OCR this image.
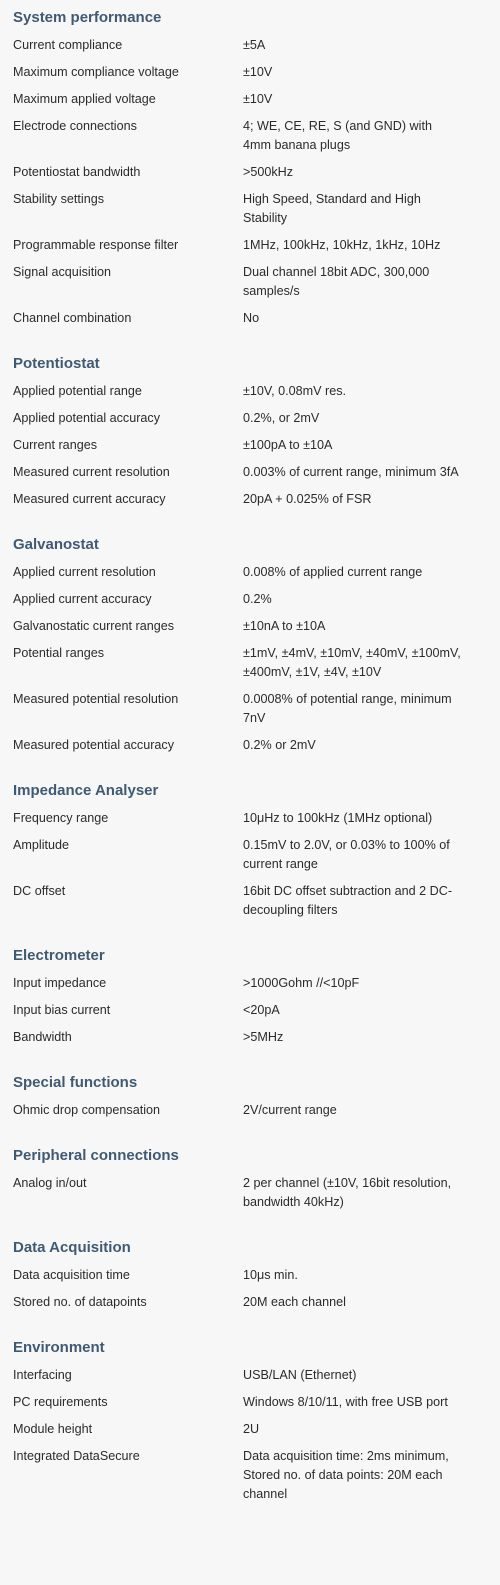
System performance
Current compliance	±5A
Maximum compliance voltage	±10V
Maximum applied voltage	±10V
Electrode connections	4; WE, CE, RE, S (and GND) with 4mm banana plugs
Potentiostat bandwidth	>500kHz
Stability settings	High Speed, Standard and High Stability
Programmable response filter	1MHz, 100kHz, 10kHz, 1kHz, 10Hz
Signal acquisition	Dual channel 18bit ADC, 300,000 samples/s
Channel combination	No
Potentiostat
Applied potential range	±10V, 0.08mV res.
Applied potential accuracy	0.2%, or 2mV
Current ranges	±100pA to ±10A
Measured current resolution	0.003% of current range, minimum 3fA
Measured current accuracy	20pA + 0.025% of FSR
Galvanostat
Applied current resolution	0.008% of applied current range
Applied current accuracy	0.2%
Galvanostatic current ranges	±10nA to ±10A
Potential ranges	±1mV, ±4mV, ±10mV, ±40mV, ±100mV, ±400mV, ±1V, ±4V, ±10V
Measured potential resolution	0.0008% of potential range, minimum 7nV
Measured potential accuracy	0.2% or 2mV
Impedance Analyser
Frequency range	10μHz to 100kHz (1MHz optional)
Amplitude	0.15mV to 2.0V, or 0.03% to 100% of current range
DC offset	16bit DC offset subtraction and 2 DC-decoupling filters
Electrometer
Input impedance	>1000Gohm //<10pF
Input bias current	<20pA
Bandwidth	>5MHz
Special functions
Ohmic drop compensation	2V/current range
Peripheral connections
Analog in/out	2 per channel (±10V, 16bit resolution, bandwidth 40kHz)
Data Acquisition
Data acquisition time	10μs min.
Stored no. of datapoints	20M each channel
Environment
Interfacing	USB/LAN (Ethernet)
PC requirements	Windows 8/10/11, with free USB port
Module height	2U
Integrated DataSecure	Data acquisition time: 2ms minimum, Stored no. of data points: 20M each channel
